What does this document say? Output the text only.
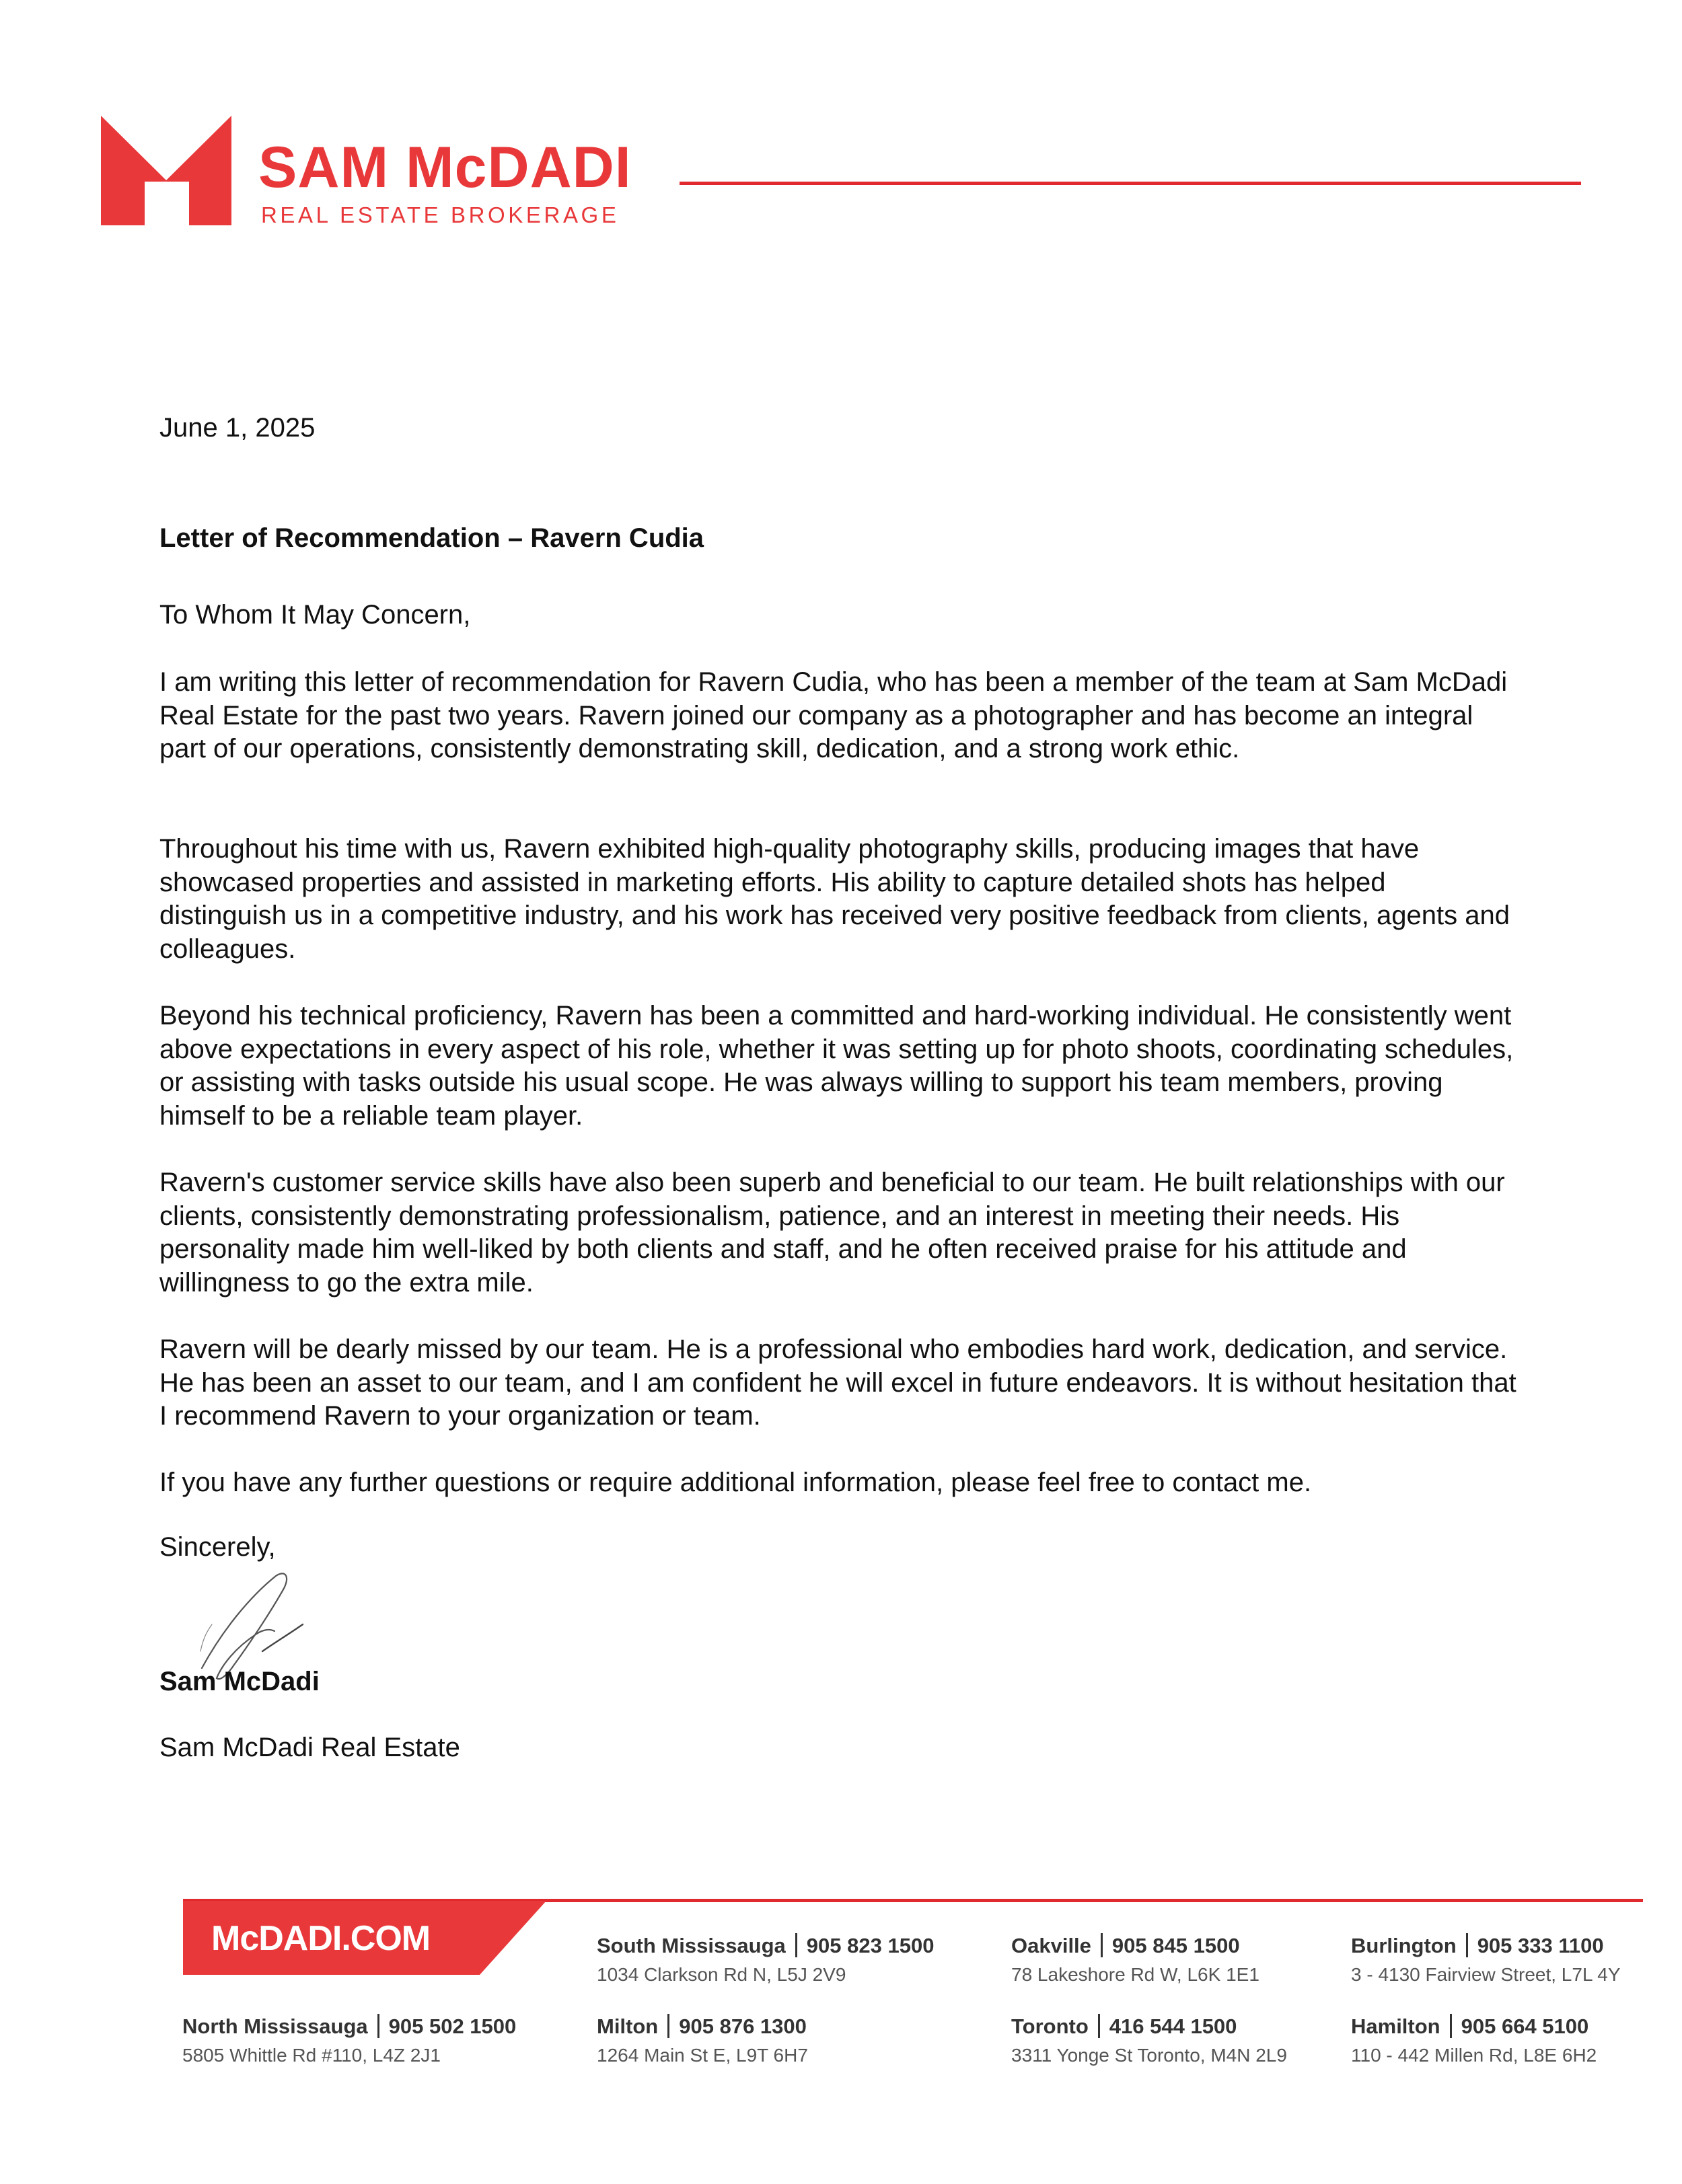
SAM McDADI
REAL ESTATE BROKERAGE
June 1, 2025
Letter of Recommendation – Ravern Cudia
To Whom It May Concern,

I am writing this letter of recommendation for Ravern Cudia, who has been a member of the team at Sam McDadi Real Estate for the past two years. Ravern joined our company as a photographer and has become an integral part of our operations, consistently demonstrating skill, dedication, and a strong work ethic.

Throughout his time with us, Ravern exhibited high-quality photography skills, producing images that have showcased properties and assisted in marketing efforts. His ability to capture detailed shots has helped distinguish us in a competitive industry, and his work has received very positive feedback from clients, agents and colleagues.

Beyond his technical proficiency, Ravern has been a committed and hard-working individual. He consistently went above expectations in every aspect of his role, whether it was setting up for photo shoots, coordinating schedules, or assisting with tasks outside his usual scope. He was always willing to support his team members, proving himself to be a reliable team player.

Ravern's customer service skills have also been superb and beneficial to our team. He built relationships with our clients, consistently demonstrating professionalism, patience, and an interest in meeting their needs. His personality made him well-liked by both clients and staff, and he often received praise for his attitude and willingness to go the extra mile.

Ravern will be dearly missed by our team. He is a professional who embodies hard work, dedication, and service. He has been an asset to our team, and I am confident he will excel in future endeavors. It is without hesitation that I recommend Ravern to your organization or team.

If you have any further questions or require additional information, please feel free to contact me.

Sincerely,
Sam McDadi
Sam McDadi Real Estate
McDADI.COM	South Mississauga 905 823 1500
1034 Clarkson Rd N, L5J 2V9
Oakville 905 845 1500
78 Lakeshore Rd W, L6K 1E1
Burlington 905 333 1100
3 - 4130 Fairview Street, L7L 4Y
North Mississauga 905 502 1500
5805 Whittle Rd #110, L4Z 2J1
Milton 905 876 1300
1264 Main St E, L9T 6H7
Toronto 416 544 1500
3311 Yonge St Toronto, M4N 2L9
Hamilton 905 664 5100
110 - 442 Millen Rd, L8E 6H2
